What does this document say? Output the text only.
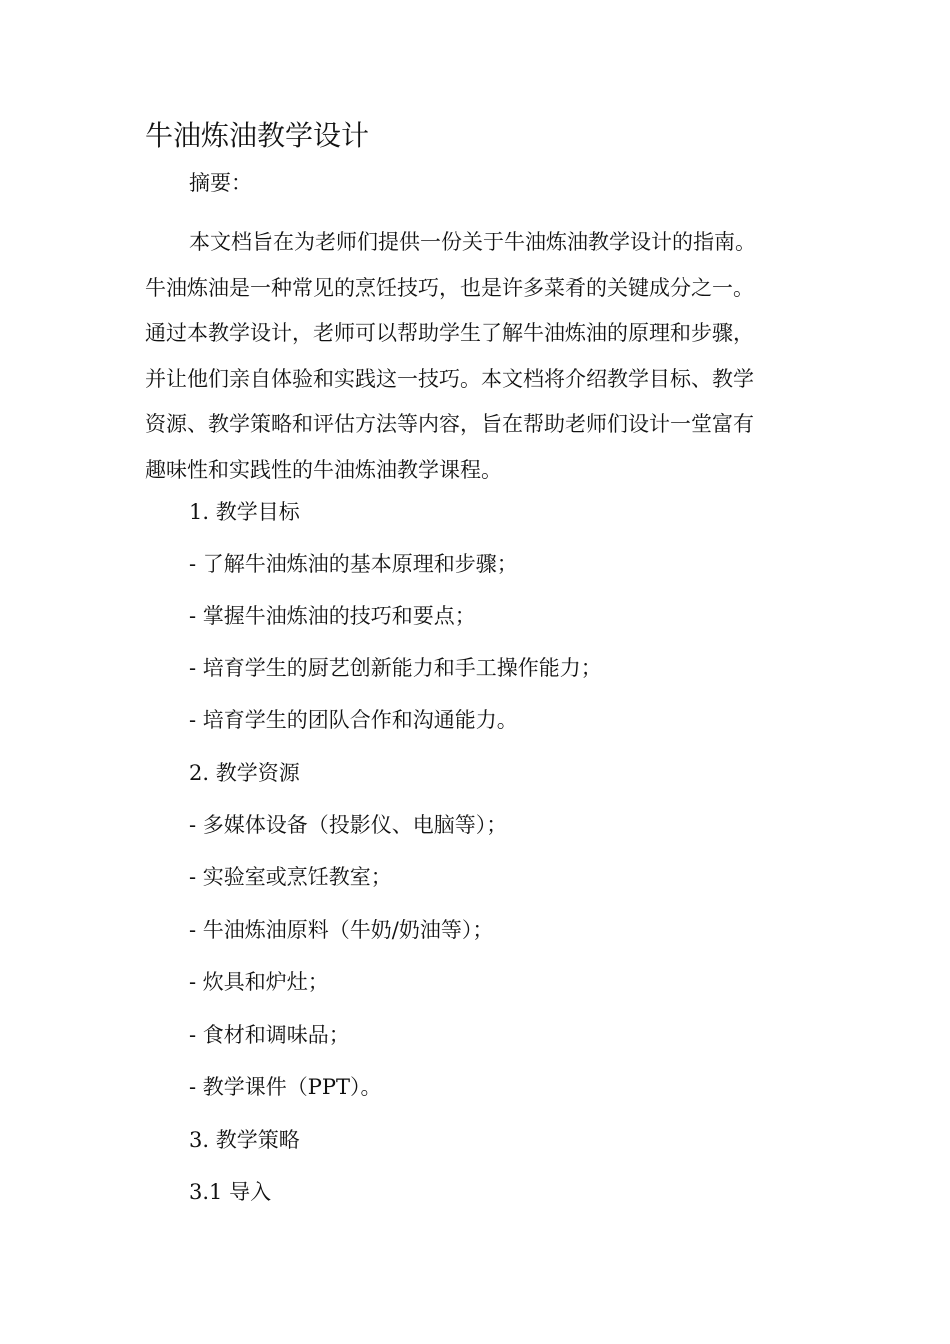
牛油炼油教学设计
摘要：

本文档旨在为老师们提供一份关于牛油炼油教学设计的指南。
牛油炼油是一种常见的烹饪技巧，也是许多菜肴的关键成分之一。
通过本教学设计，老师可以帮助学生了解牛油炼油的原理和步骤，
并让他们亲自体验和实践这一技巧。本文档将介绍教学目标、教学
资源、教学策略和评估方法等内容，旨在帮助老师们设计一堂富有
趣味性和实践性的牛油炼油教学课程。

1. 教学目标
- 了解牛油炼油的基本原理和步骤；
- 掌握牛油炼油的技巧和要点；
- 培育学生的厨艺创新能力和手工操作能力；
- 培育学生的团队合作和沟通能力。
2. 教学资源
- 多媒体设备（投影仪、电脑等）；
- 实验室或烹饪教室；
- 牛油炼油原料（牛奶/奶油等）；
- 炊具和炉灶；
- 食材和调味品；
- 教学课件（PPT）。
3. 教学策略
3.1 导入
